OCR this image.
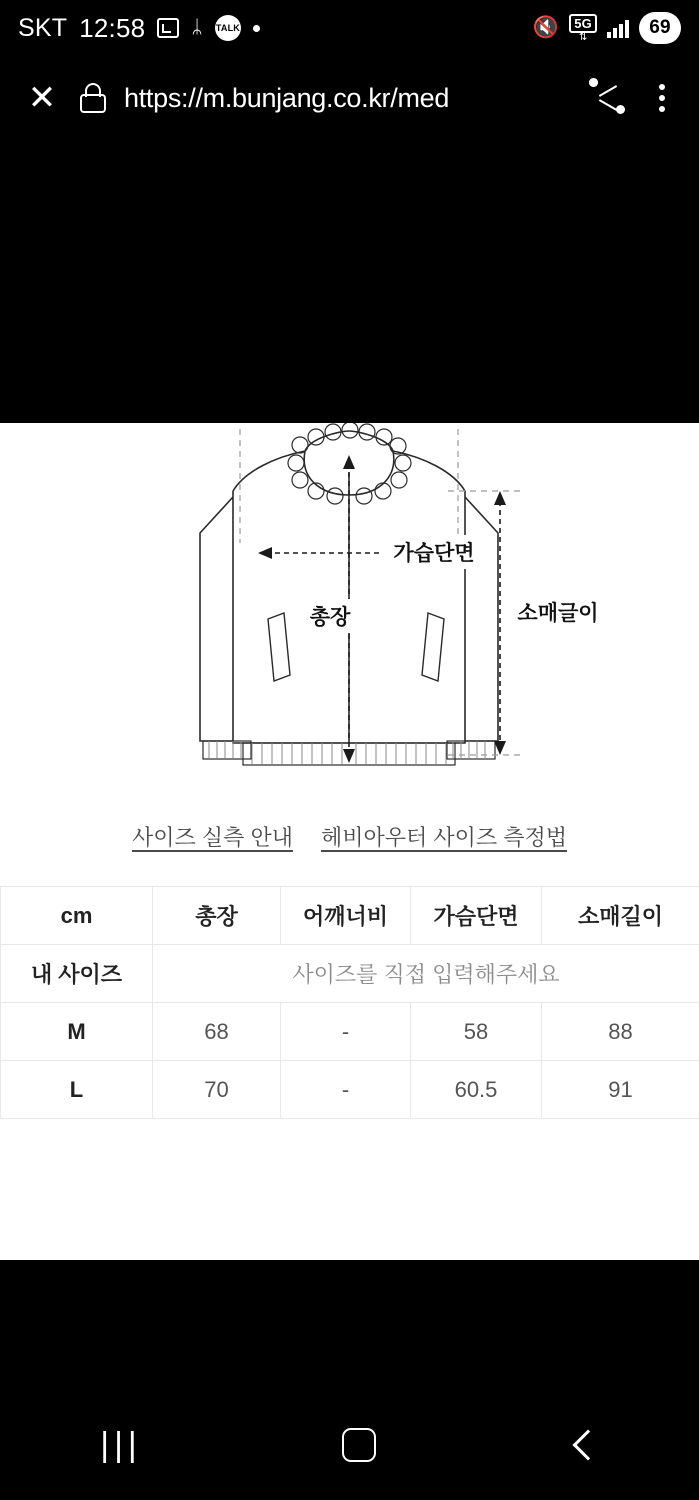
SKT 12:58 ᛦ TALK	🔇	5G
⇅	69
✕	https://m.bunjang.co.kr/med
가습단면
총장	소매글이
사이즈 실측 안내 헤비아우터 사이즈 측정법
cm	총장	어깨너비	가슴단면	소매길이
내 사이즈	사이즈를 직접 입력해주세요			
M	68	-	58	88
L	70	-	60.5	91
|||
